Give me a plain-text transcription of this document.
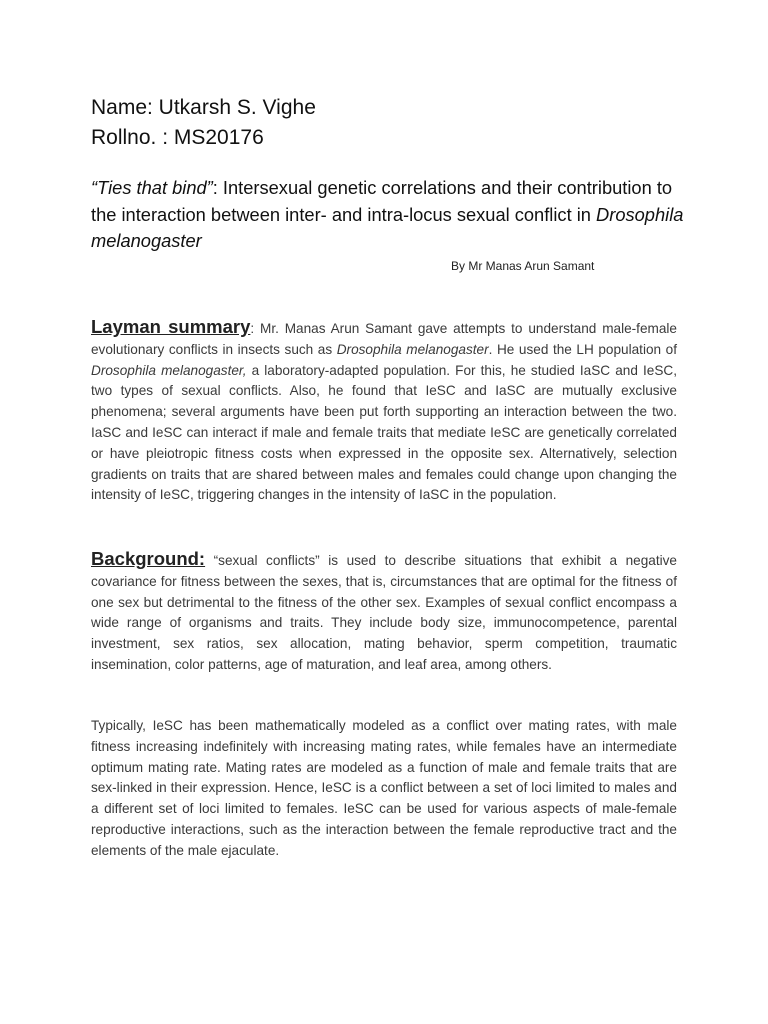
Name: Utkarsh S. Vighe

Rollno. : MS20176

“Ties that bind”: Intersexual genetic correlations and their contribution to the interaction between inter- and intra-locus sexual conflict in Drosophila melanogaster

By Mr Manas Arun Samant

Layman summary: Mr. Manas Arun Samant gave attempts to understand male-female evolutionary conflicts in insects such as Drosophila melanogaster. He used the LH population of Drosophila melanogaster, a laboratory-adapted population. For this, he studied IaSC and IeSC, two types of sexual conflicts. Also, he found that IeSC and IaSC are mutually exclusive phenomena; several arguments have been put forth supporting an interaction between the two. IaSC and IeSC can interact if male and female traits that mediate IeSC are genetically correlated or have pleiotropic fitness costs when expressed in the opposite sex. Alternatively, selection gradients on traits that are shared between males and females could change upon changing the intensity of IeSC, triggering changes in the intensity of IaSC in the population.

Background: “sexual conflicts” is used to describe situations that exhibit a negative covariance for fitness between the sexes, that is, circumstances that are optimal for the fitness of one sex but detrimental to the fitness of the other sex. Examples of sexual conflict encompass a wide range of organisms and traits. They include body size, immunocompetence, parental investment, sex ratios, sex allocation, mating behavior, sperm competition, traumatic insemination, color patterns, age of maturation, and leaf area, among others.

Typically, IeSC has been mathematically modeled as a conflict over mating rates, with male fitness increasing indefinitely with increasing mating rates, while females have an intermediate optimum mating rate. Mating rates are modeled as a function of male and female traits that are sex-linked in their expression. Hence, IeSC is a conflict between a set of loci limited to males and a different set of loci limited to females. IeSC can be used for various aspects of male-female reproductive interactions, such as the interaction between the female reproductive tract and the elements of the male ejaculate.
